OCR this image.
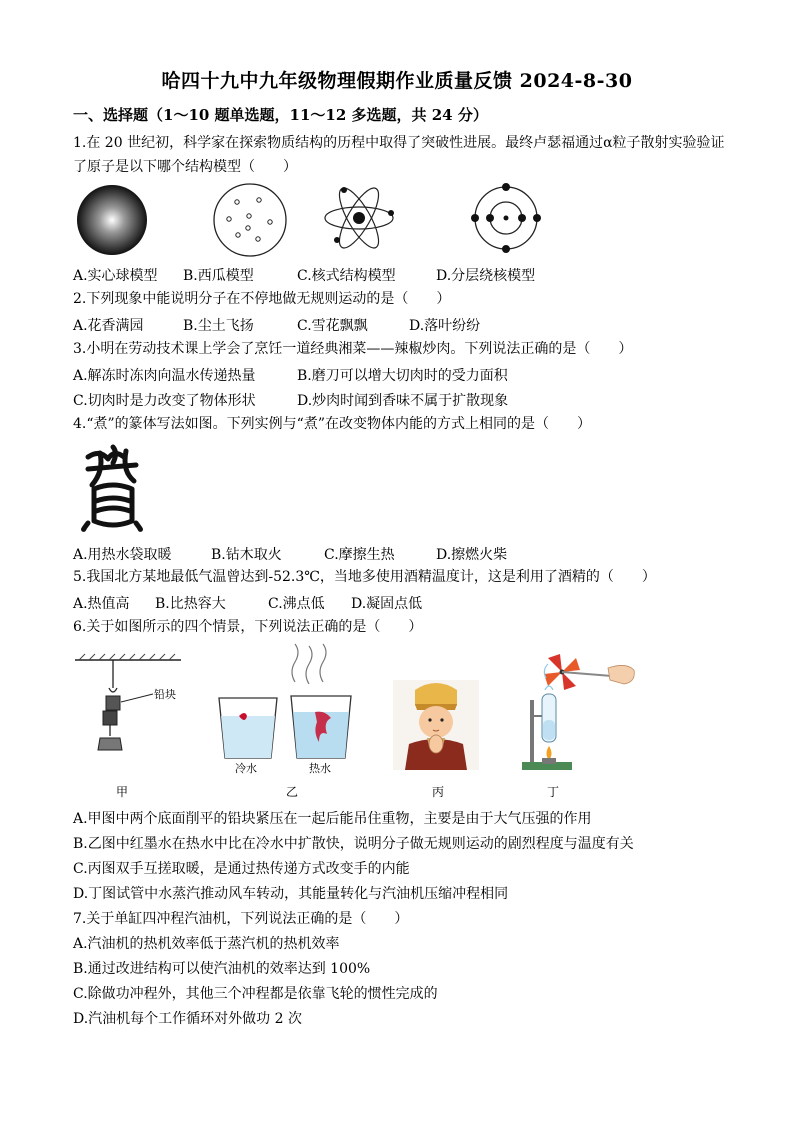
哈四十九中九年级物理假期作业质量反馈 2024-8-30
一、选择题（1～10 题单选题，11～12 多选题，共 24 分）
1.在 20 世纪初，科学家在探索物质结构的历程中取得了突破性进展。最终卢瑟福通过α粒子散射实验验证
了原子是以下哪个结构模型（　　）
A.实心球模型 B.西瓜模型	C.核式结构模型	D.分层绕核模型
2.下列现象中能说明分子在不停地做无规则运动的是（　　）
A.花香满园	B.尘土飞扬	C.雪花飘飘	D.落叶纷纷
3.小明在劳动技术课上学会了烹饪一道经典湘菜——辣椒炒肉。下列说法正确的是（　　）
A.解冻时冻肉向温水传递热量	B.磨刀可以增大切肉时的受力面积
C.切肉时是力改变了物体形状	D.炒肉时闻到香味不属于扩散现象
4.“煮”的篆体写法如图。下列实例与“煮”在改变物体内能的方式上相同的是（　　）
A.用热水袋取暖	B.钻木取火	C.摩擦生热	D.擦燃火柴
5.我国北方某地最低气温曾达到-52.3℃，当地多使用酒精温度计，这是利用了酒精的（　　）
A.热值高 B.比热容大	C.沸点低 D.凝固点低
6.关于如图所示的四个情景，下列说法正确的是（　　）
铅块
冷水	热水
甲	乙	丙	丁
A.甲图中两个底面削平的铅块紧压在一起后能吊住重物，主要是由于大气压强的作用
B.乙图中红墨水在热水中比在冷水中扩散快，说明分子做无规则运动的剧烈程度与温度有关
C.丙图双手互搓取暖，是通过热传递方式改变手的内能
D.丁图试管中水蒸汽推动风车转动，其能量转化与汽油机压缩冲程相同
7.关于单缸四冲程汽油机，下列说法正确的是（　　）
A.汽油机的热机效率低于蒸汽机的热机效率
B.通过改进结构可以使汽油机的效率达到 100%
C.除做功冲程外，其他三个冲程都是依靠飞轮的惯性完成的
D.汽油机每个工作循环对外做功 2 次
